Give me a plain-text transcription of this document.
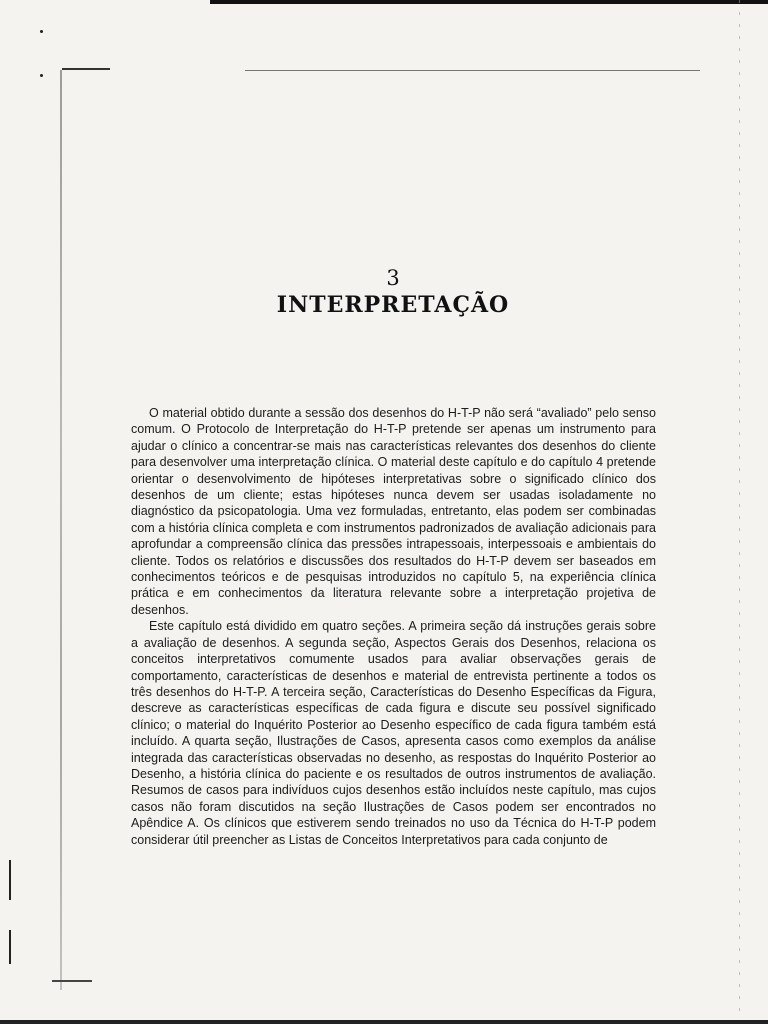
3
INTERPRETAÇÃO

O material obtido durante a sessão dos desenhos do H-T-P não será “avaliado” pelo senso comum. O Protocolo de Interpretação do H-T-P pretende ser apenas um instrumento para ajudar o clínico a concentrar-se mais nas características relevantes dos desenhos do cliente para desenvolver uma interpretação clínica. O material deste capítulo e do capítulo 4 pretende orientar o desenvolvimento de hipóteses interpretativas sobre o significado clínico dos desenhos de um cliente; estas hipóteses nunca devem ser usadas isoladamente no diagnóstico da psicopatologia. Uma vez formuladas, entretanto, elas podem ser combinadas com a história clínica completa e com instrumentos padronizados de avaliação adicionais para aprofundar a compreensão clínica das pressões intrapessoais, interpessoais e ambientais do cliente. Todos os relatórios e discussões dos resultados do H-T-P devem ser baseados em conhecimentos teóricos e de pesquisas introduzidos no capítulo 5, na experiência clínica prática e em conhecimentos da literatura relevante sobre a interpretação projetiva de desenhos.

Este capítulo está dividido em quatro seções. A primeira seção dá instruções gerais sobre a avaliação de desenhos. A segunda seção, Aspectos Gerais dos Desenhos, relaciona os conceitos interpretativos comumente usados para avaliar observações gerais de comportamento, características de desenhos e material de entrevista pertinente a todos os três desenhos do H-T-P. A terceira seção, Características do Desenho Específicas da Figura, descreve as características específicas de cada figura e discute seu possível significado clínico; o material do Inquérito Posterior ao Desenho específico de cada figura também está incluído. A quarta seção, Ilustrações de Casos, apresenta casos como exemplos da análise integrada das características observadas no desenho, as respostas do Inquérito Posterior ao Desenho, a história clínica do paciente e os resultados de outros instrumentos de avaliação. Resumos de casos para indivíduos cujos desenhos estão incluídos neste capítulo, mas cujos casos não foram discutidos na seção Ilustrações de Casos podem ser encontrados no Apêndice A. Os clínicos que estiverem sendo treinados no uso da Técnica do H-T-P podem considerar útil preencher as Listas de Conceitos Interpretativos para cada conjunto de
